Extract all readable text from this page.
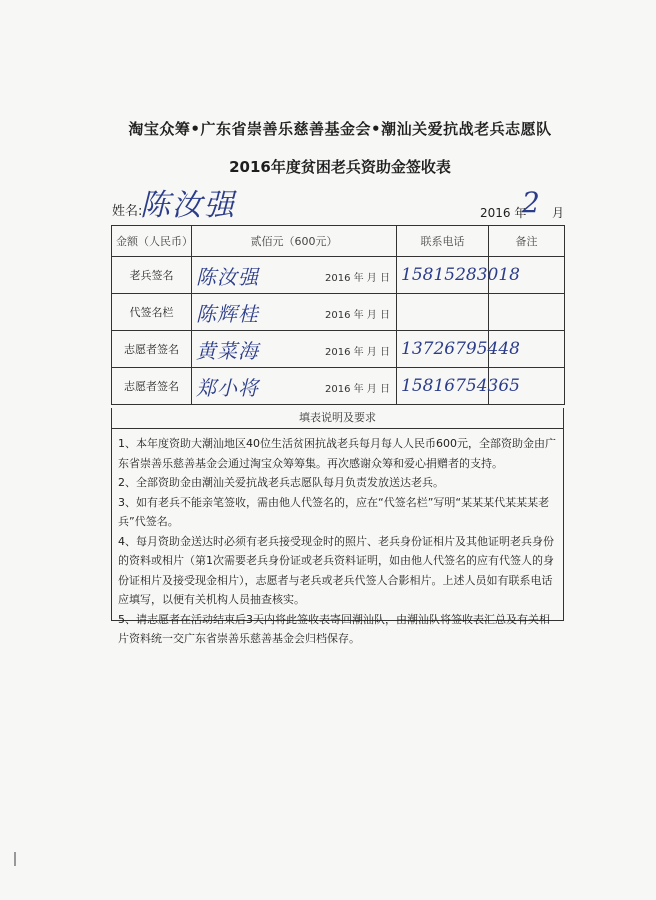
淘宝众筹•广东省崇善乐慈善基金会•潮汕关爱抗战老兵志愿队
2016年度贫困老兵资助金签收表
姓名:
陈汝强	2016 年
2 月
金额（人民币）	贰佰元（600元）	联系电话	备注
老兵签名	陈汝强 2016 年 月 日	15815283018	
代签名栏	陈辉桂 2016 年 月 日		

志愿者签名	黄菜海 2016 年 月 日	13726795448	
志愿者签名	郑小将 2016 年 月 日	15816754365	
填表说明及要求

1、本年度资助大潮汕地区40位生活贫困抗战老兵每月每人人民币600元，全部资助金由广东省崇善乐慈善基金会通过淘宝众筹筹集。再次感谢众筹和爱心捐赠者的支持。

2、全部资助金由潮汕关爱抗战老兵志愿队每月负责发放送达老兵。

3、如有老兵不能亲笔签收，需由他人代签名的，应在“代签名栏”写明“某某某代某某某老兵”代签名。

4、每月资助金送达时必须有老兵接受现金时的照片、老兵身份证相片及其他证明老兵身份的资料或相片（第1次需要老兵身份证或老兵资料证明，如由他人代签名的应有代签人的身份证相片及接受现金相片），志愿者与老兵或老兵代签人合影相片。上述人员如有联系电话应填写，以便有关机构人员抽查核实。

5、请志愿者在活动结束后3天内将此签收表寄回潮汕队，由潮汕队将签收表汇总及有关相片资料统一交广东省崇善乐慈善基金会归档保存。
